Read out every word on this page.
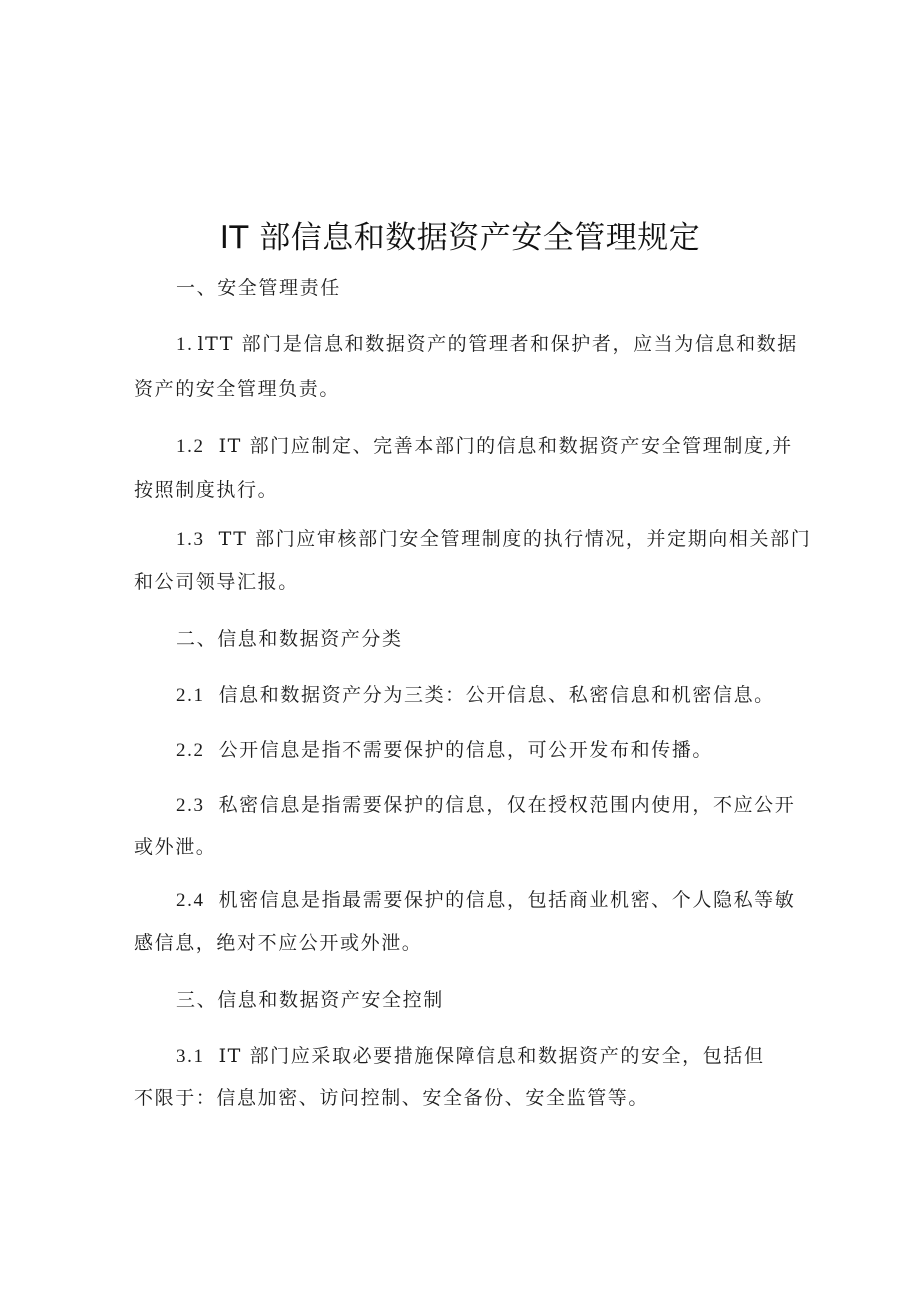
IT 部信息和数据资产安全管理规定
一、安全管理责任
1. lTT 部门是信息和数据资产的管理者和保护者，应当为信息和数据
资产的安全管理负责。
1.2 IT 部门应制定、完善本部门的信息和数据资产安全管理制度,并
按照制度执行。
1.3 TT 部门应审核部门安全管理制度的执行情况，并定期向相关部门
和公司领导汇报。
二、信息和数据资产分类
2.1 信息和数据资产分为三类：公开信息、私密信息和机密信息。
2.2 公开信息是指不需要保护的信息，可公开发布和传播。
2.3 私密信息是指需要保护的信息，仅在授权范围内使用，不应公开
或外泄。
2.4 机密信息是指最需要保护的信息，包括商业机密、个人隐私等敏
感信息，绝对不应公开或外泄。
三、信息和数据资产安全控制
3.1 IT 部门应采取必要措施保障信息和数据资产的安全，包括但
不限于：信息加密、访问控制、安全备份、安全监管等。
